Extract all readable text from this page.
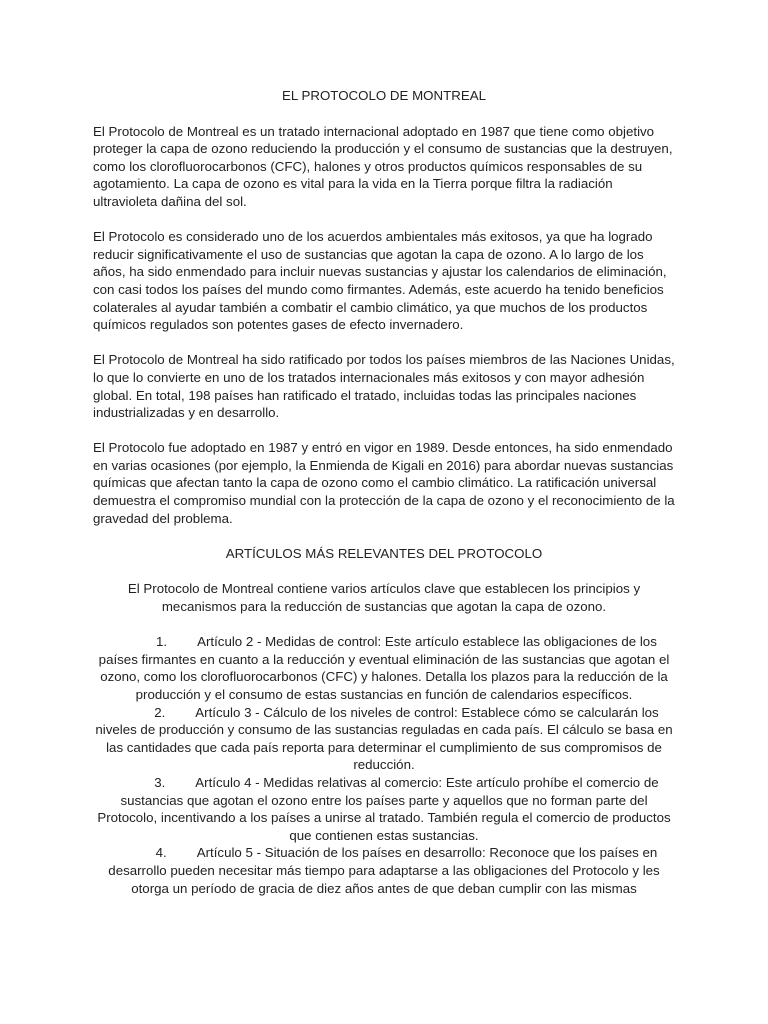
EL PROTOCOLO DE MONTREAL

El Protocolo de Montreal es un tratado internacional adoptado en 1987 que tiene como objetivo proteger la capa de ozono reduciendo la producción y el consumo de sustancias que la destruyen, como los clorofluorocarbonos (CFC), halones y otros productos químicos responsables de su agotamiento. La capa de ozono es vital para la vida en la Tierra porque filtra la radiación ultravioleta dañina del sol.

El Protocolo es considerado uno de los acuerdos ambientales más exitosos, ya que ha logrado reducir significativamente el uso de sustancias que agotan la capa de ozono. A lo largo de los años, ha sido enmendado para incluir nuevas sustancias y ajustar los calendarios de eliminación, con casi todos los países del mundo como firmantes. Además, este acuerdo ha tenido beneficios colaterales al ayudar también a combatir el cambio climático, ya que muchos de los productos químicos regulados son potentes gases de efecto invernadero.

El Protocolo de Montreal ha sido ratificado por todos los países miembros de las Naciones Unidas, lo que lo convierte en uno de los tratados internacionales más exitosos y con mayor adhesión global. En total, 198 países han ratificado el tratado, incluidas todas las principales naciones industrializadas y en desarrollo.

El Protocolo fue adoptado en 1987 y entró en vigor en 1989. Desde entonces, ha sido enmendado en varias ocasiones (por ejemplo, la Enmienda de Kigali en 2016) para abordar nuevas sustancias químicas que afectan tanto la capa de ozono como el cambio climático. La ratificación universal demuestra el compromiso mundial con la protección de la capa de ozono y el reconocimiento de la gravedad del problema.

ARTÍCULOS MÁS RELEVANTES DEL PROTOCOLO

El Protocolo de Montreal contiene varios artículos clave que establecen los principios y mecanismos para la reducción de sustancias que agotan la capa de ozono.

1. Artículo 2 - Medidas de control: Este artículo establece las obligaciones de los países firmantes en cuanto a la reducción y eventual eliminación de las sustancias que agotan el ozono, como los clorofluorocarbonos (CFC) y halones. Detalla los plazos para la reducción de la producción y el consumo de estas sustancias en función de calendarios específicos.
2. Artículo 3 - Cálculo de los niveles de control: Establece cómo se calcularán los niveles de producción y consumo de las sustancias reguladas en cada país. El cálculo se basa en las cantidades que cada país reporta para determinar el cumplimiento de sus compromisos de reducción.
3. Artículo 4 - Medidas relativas al comercio: Este artículo prohíbe el comercio de sustancias que agotan el ozono entre los países parte y aquellos que no forman parte del Protocolo, incentivando a los países a unirse al tratado. También regula el comercio de productos que contienen estas sustancias.
4. Artículo 5 - Situación de los países en desarrollo: Reconoce que los países en desarrollo pueden necesitar más tiempo para adaptarse a las obligaciones del Protocolo y les otorga un período de gracia de diez años antes de que deban cumplir con las mismas
